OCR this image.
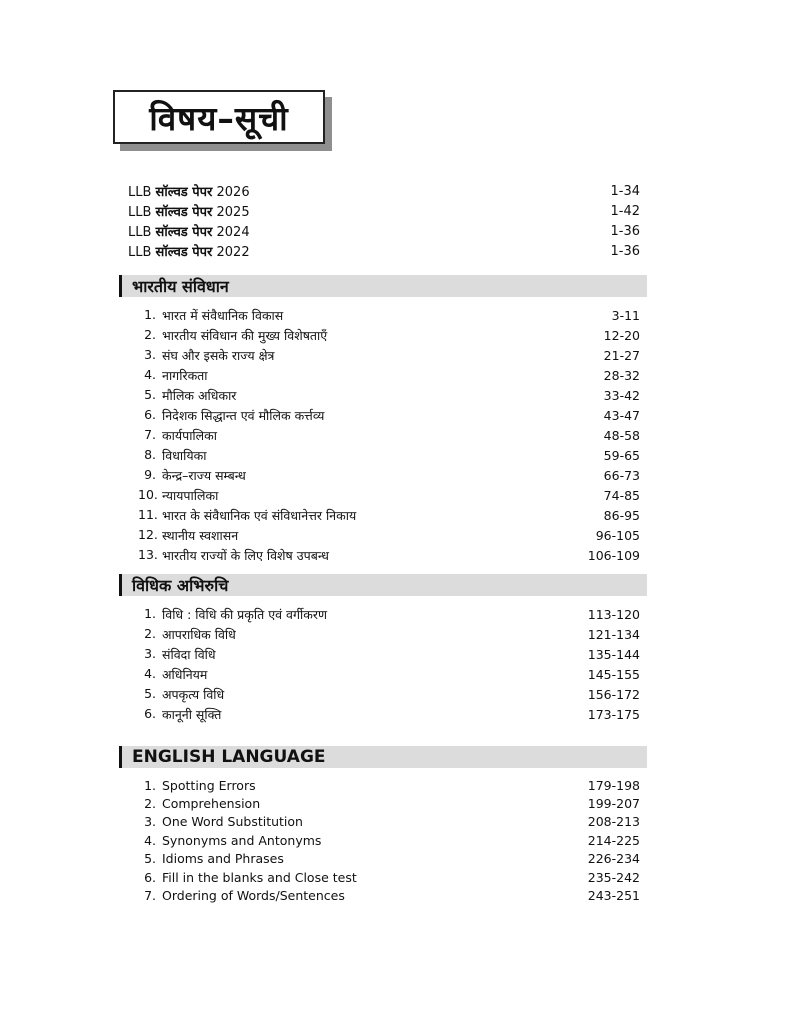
विषय–सूची
LLB सॉल्वड पेपर 2026	1-34
LLB सॉल्वड पेपर 2025	1-42
LLB सॉल्वड पेपर 2024	1-36
LLB सॉल्वड पेपर 2022	1-36
भारतीय संविधान
1. भारत में संवैधानिक विकास	3-11
2. भारतीय संविधान की मुख्य विशेषताएँ	12-20
3. संघ और इसके राज्य क्षेत्र	21-27
4. नागरिकता	28-32
5. मौलिक अधिकार	33-42
6. निदेशक सिद्धान्त एवं मौलिक कर्त्तव्य	43-47
7. कार्यपालिका	48-58
8. विधायिका	59-65
9. केन्द्र–राज्य सम्बन्ध	66-73
10. न्यायपालिका	74-85
11. भारत के संवैधानिक एवं संविधानेत्तर निकाय	86-95
12. स्थानीय स्वशासन	96-105
13. भारतीय राज्यों के लिए विशेष उपबन्ध	106-109
विधिक अभिरुचि
1. विधि : विधि की प्रकृति एवं वर्गीकरण	113-120
2. आपराधिक विधि	121-134
3. संविदा विधि	135-144
4. अधिनियम	145-155
5. अपकृत्य विधि	156-172
6. कानूनी सूक्ति	173-175
ENGLISH LANGUAGE
1. Spotting Errors	179-198
2. Comprehension	199-207
3. One Word Substitution	208-213
4. Synonyms and Antonyms	214-225
5. Idioms and Phrases	226-234
6. Fill in the blanks and Close test	235-242
7. Ordering of Words/Sentences	243-251
